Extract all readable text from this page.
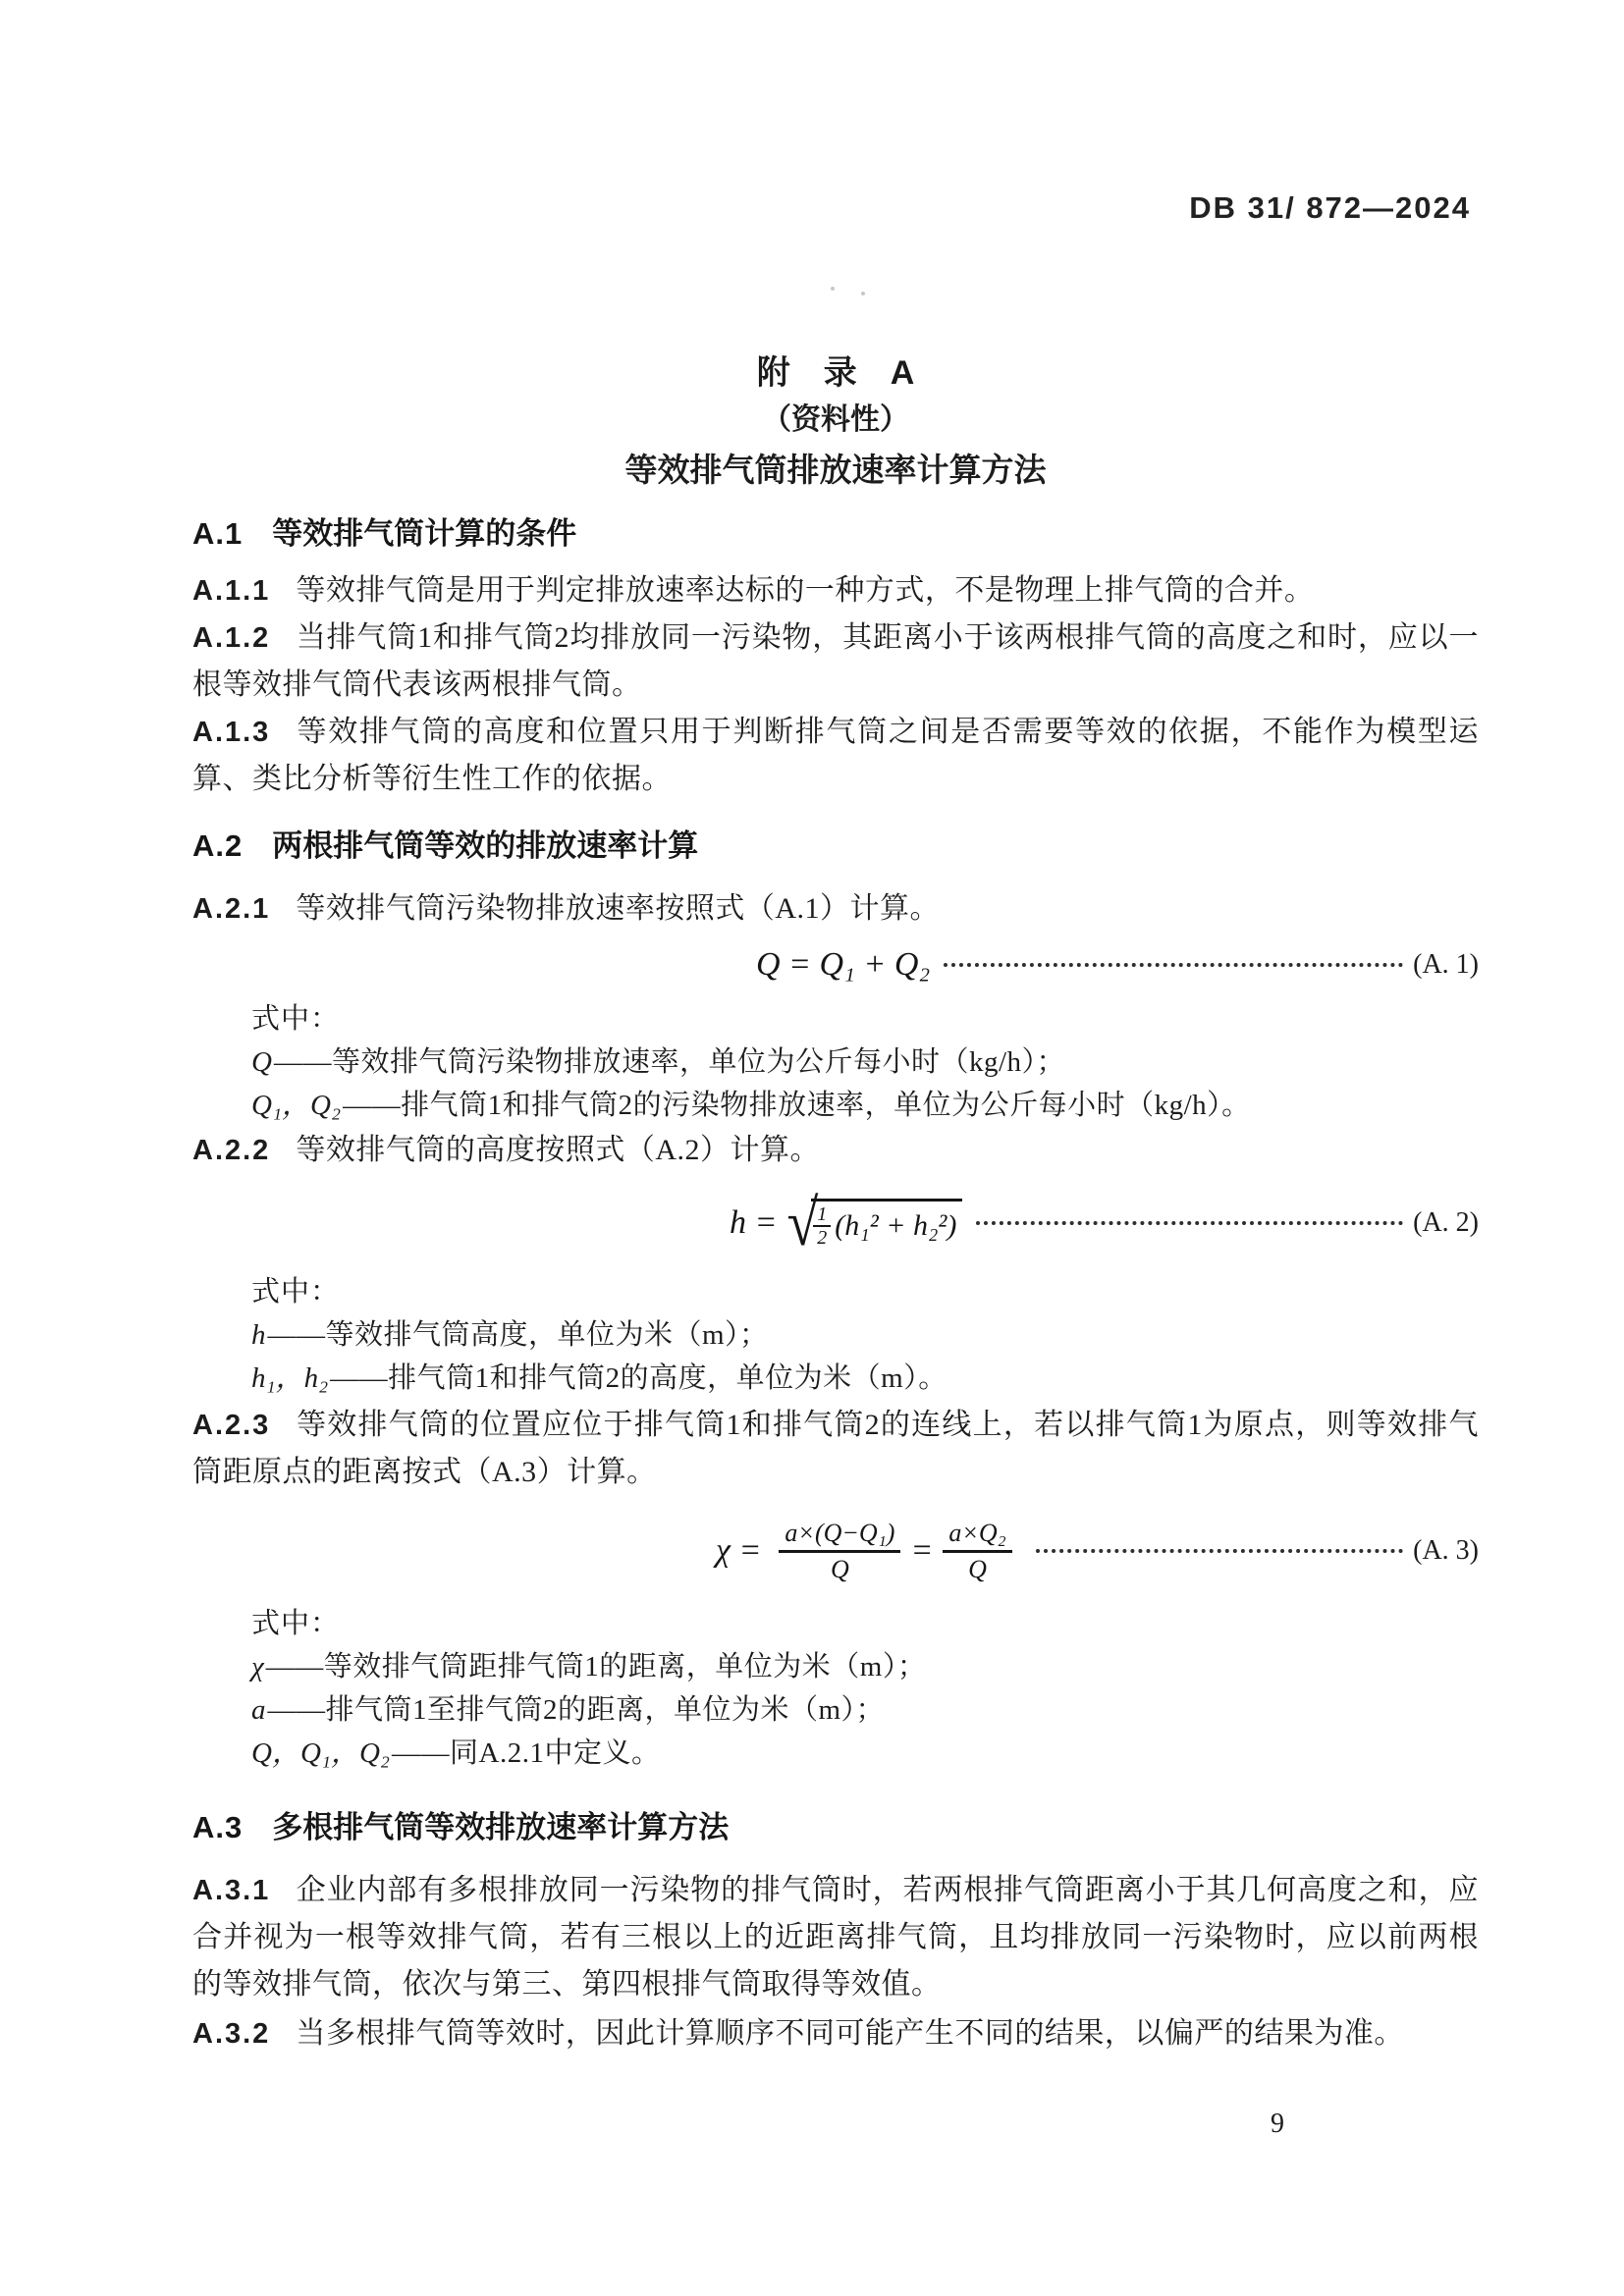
DB 31/ 872—2024
附　录　A
（资料性）
等效排气筒排放速率计算方法
A.1 等效排气筒计算的条件

A.1.1 等效排气筒是用于判定排放速率达标的一种方式，不是物理上排气筒的合并。

A.1.2 当排气筒1和排气筒2均排放同一污染物，其距离小于该两根排气筒的高度之和时，应以一根等效排气筒代表该两根排气筒。

A.1.3 等效排气筒的高度和位置只用于判断排气筒之间是否需要等效的依据，不能作为模型运算、类比分析等衍生性工作的依据。

A.2 两根排气筒等效的排放速率计算

A.2.1 等效排气筒污染物排放速率按照式（A.1）计算。

Q = Q₁ + Q₂	(A. 1)
式中：
Q——等效排气筒污染物排放速率，单位为公斤每小时（kg/h）；
Q₁，Q₂——排气筒1和排气筒2的污染物排放速率，单位为公斤每小时（kg/h）。

A.2.2 等效排气筒的高度按照式（A.2）计算。

h = √
$\frac{1}{2} (h_1^2 + h_2^2)$	(A. 2)
式中：
h——等效排气筒高度，单位为米（m）；
h₁，h₂——排气筒1和排气筒2的高度，单位为米（m）。

A.2.3 等效排气筒的位置应位于排气筒1和排气筒2的连线上，若以排气筒1为原点，则等效排气筒距原点的距离按式（A.3）计算。

$\chi = \frac{\text{a×(Q−Q₁)}}{Q} = \frac{\text{a×Q₂}}{Q}$	(A. 3)
式中：
χ——等效排气筒距排气筒1的距离，单位为米（m）；
a——排气筒1至排气筒2的距离，单位为米（m）；
Q，Q₁，Q₂——同A.2.1中定义。
A.3 多根排气筒等效排放速率计算方法

A.3.1 企业内部有多根排放同一污染物的排气筒时，若两根排气筒距离小于其几何高度之和，应合并视为一根等效排气筒，若有三根以上的近距离排气筒，且均排放同一污染物时，应以前两根的等效排气筒，依次与第三、第四根排气筒取得等效值。

A.3.2 当多根排气筒等效时，因此计算顺序不同可能产生不同的结果，以偏严的结果为准。

9
